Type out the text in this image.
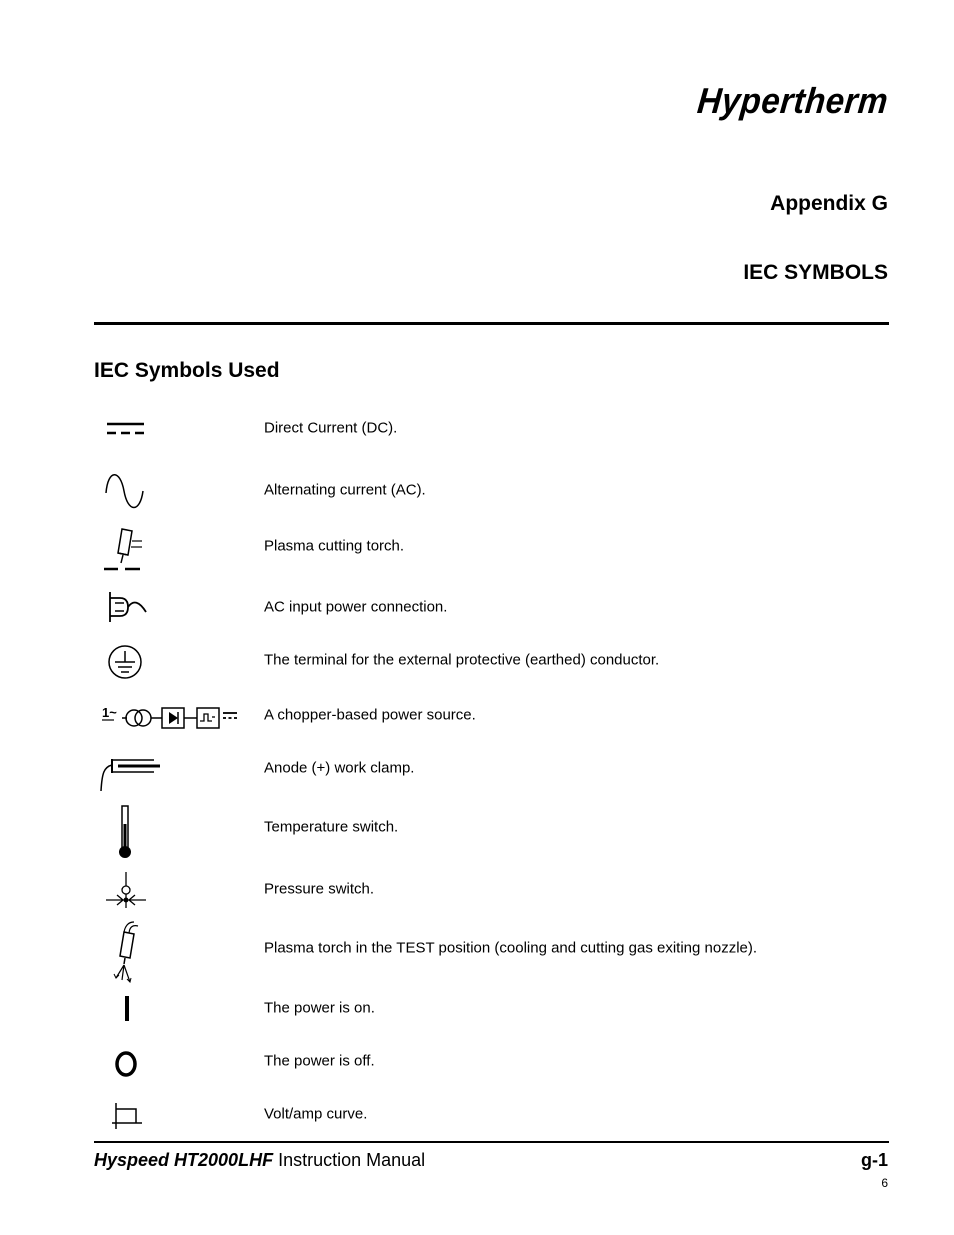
Hypertherm
Appendix G
IEC SYMBOLS
IEC Symbols Used
Direct Current (DC).
Alternating current (AC).
Plasma cutting torch.
AC input power connection.
The terminal for the external protective (earthed) conductor.
1~	A chopper-based power source.
Anode (+) work clamp.
Temperature switch.
Pressure switch.
Plasma torch in the TEST position (cooling and cutting gas exiting nozzle).
The power is on.
The power is off.
Volt/amp curve.
Hyspeed HT2000LHF Instruction Manual	g-1
6
